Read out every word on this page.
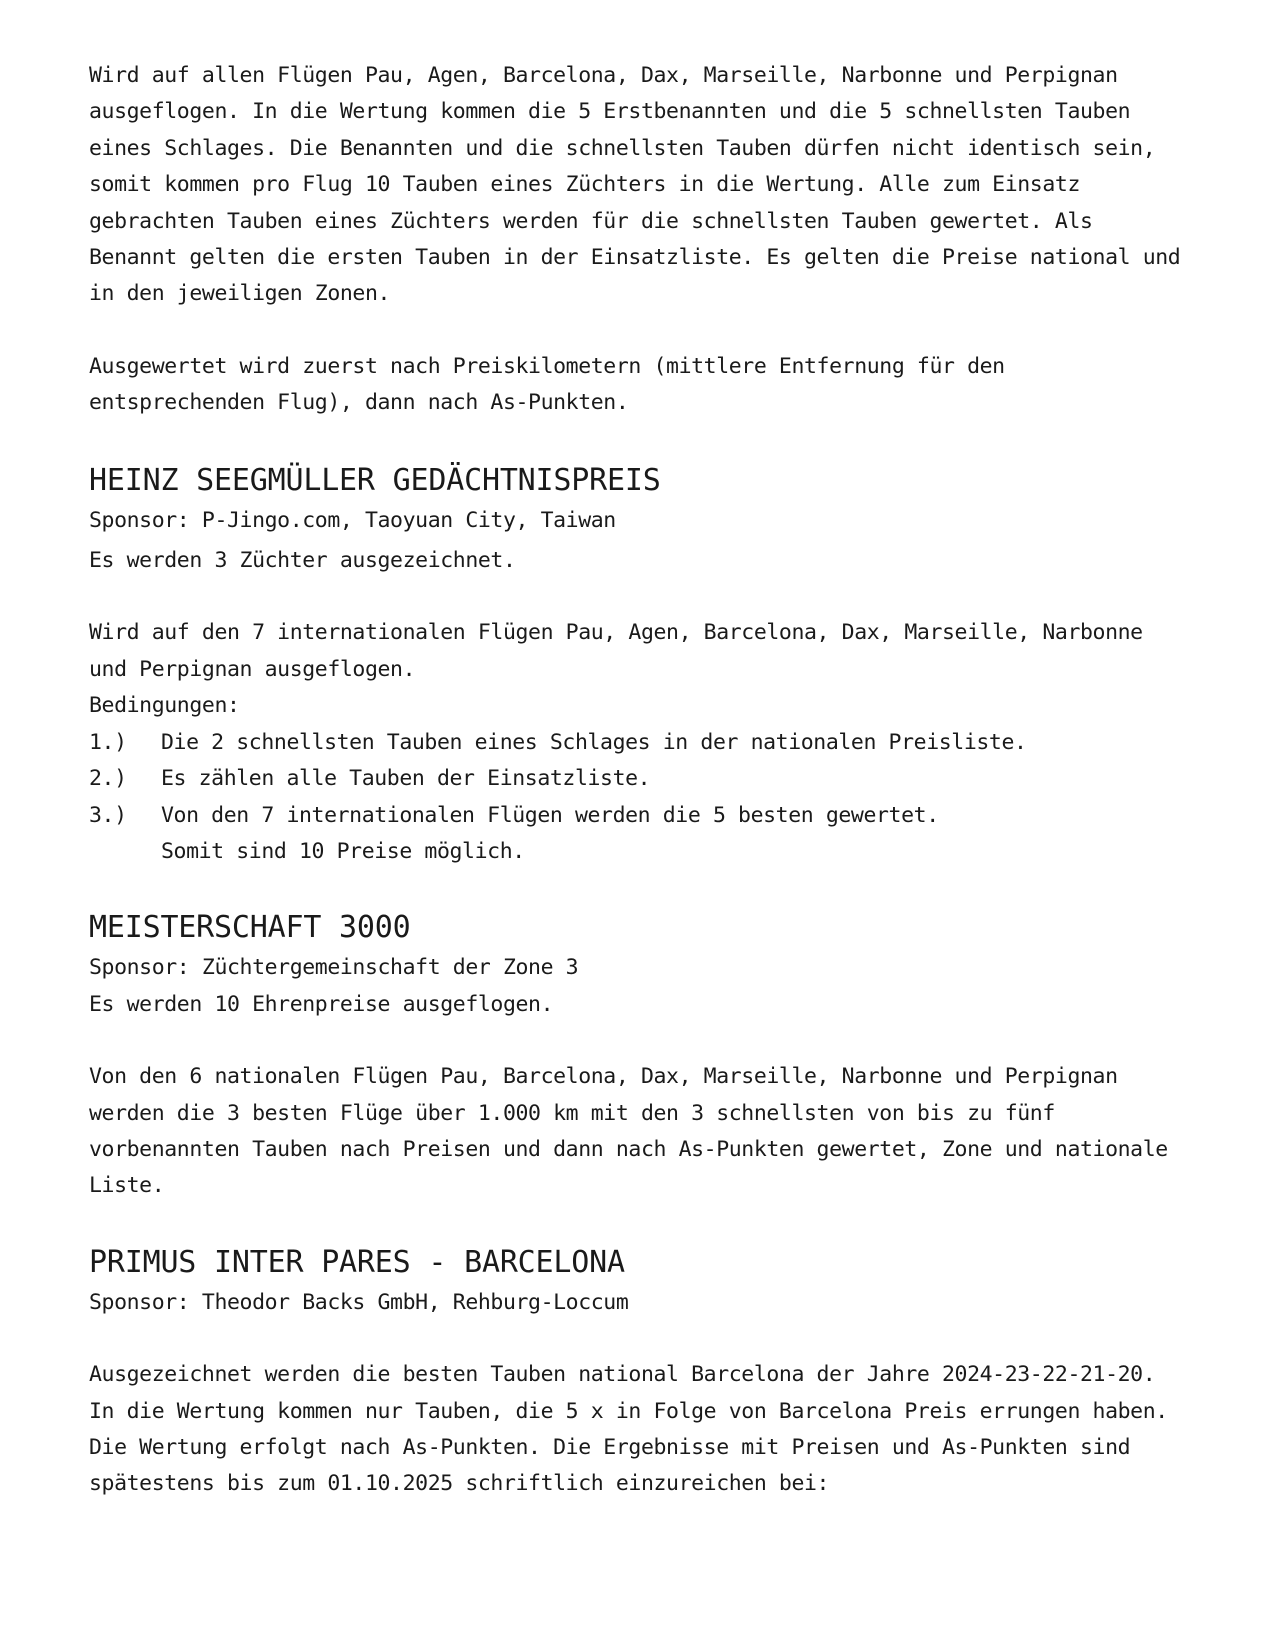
Wird auf allen Flügen Pau, Agen, Barcelona, Dax, Marseille, Narbonne und Perpignan
ausgeflogen. In die Wertung kommen die 5 Erstbenannten und die 5 schnellsten Tauben
eines Schlages. Die Benannten und die schnellsten Tauben dürfen nicht identisch sein,
somit kommen pro Flug 10 Tauben eines Züchters in die Wertung. Alle zum Einsatz
gebrachten Tauben eines Züchters werden für die schnellsten Tauben gewertet. Als
Benannt gelten die ersten Tauben in der Einsatzliste. Es gelten die Preise national und
in den jeweiligen Zonen.
Ausgewertet wird zuerst nach Preiskilometern (mittlere Entfernung für den
entsprechenden Flug), dann nach As-Punkten.
HEINZ SEEGMÜLLER GEDÄCHTNISPREIS
Sponsor: P-Jingo.com, Taoyuan City, Taiwan
Es werden 3 Züchter ausgezeichnet.
Wird auf den 7 internationalen Flügen Pau, Agen, Barcelona, Dax, Marseille, Narbonne
und Perpignan ausgeflogen.
Bedingungen:
1.)	Die 2 schnellsten Tauben eines Schlages in der nationalen Preisliste.
2.)	Es zählen alle Tauben der Einsatzliste.
3.)	Von den 7 internationalen Flügen werden die 5 besten gewertet.
Somit sind 10 Preise möglich.
MEISTERSCHAFT 3000
Sponsor: Züchtergemeinschaft der Zone 3
Es werden 10 Ehrenpreise ausgeflogen.
Von den 6 nationalen Flügen Pau, Barcelona, Dax, Marseille, Narbonne und Perpignan
werden die 3 besten Flüge über 1.000 km mit den 3 schnellsten von bis zu fünf
vorbenannten Tauben nach Preisen und dann nach As-Punkten gewertet, Zone und nationale
Liste.
PRIMUS INTER PARES - BARCELONA
Sponsor: Theodor Backs GmbH, Rehburg-Loccum
Ausgezeichnet werden die besten Tauben national Barcelona der Jahre 2024-23-22-21-20.
In die Wertung kommen nur Tauben, die 5 x in Folge von Barcelona Preis errungen haben.
Die Wertung erfolgt nach As-Punkten. Die Ergebnisse mit Preisen und As-Punkten sind
spätestens bis zum 01.10.2025 schriftlich einzureichen bei:
